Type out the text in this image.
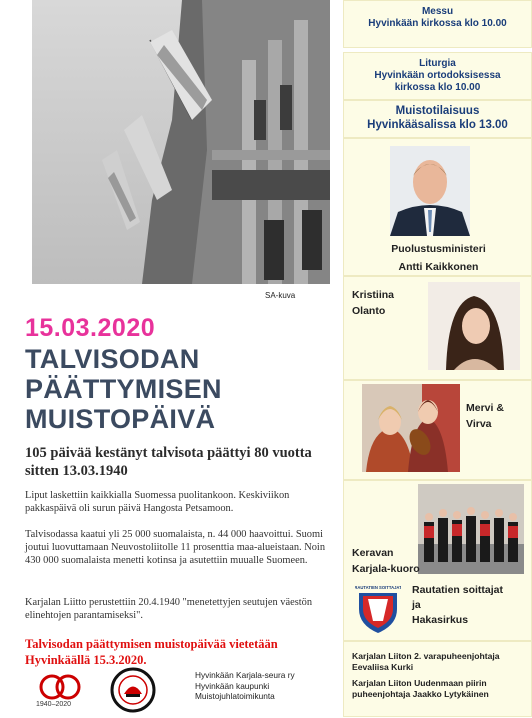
SA-kuva
15.03.2020
TALVISODAN
PÄÄTTYMISEN
MUISTOPÄIVÄ
105 päivää kestänyt talvisota päättyi 80 vuotta sitten 13.03.1940
Liput laskettiin kaikkialla Suomessa puolitankoon. Keskiviikon pakkaspäivä oli surun päivä Hangosta Petsamoon.
Talvisodassa kaatui yli 25 000 suomalaista, n. 44 000 haavoittui. Suomi joutui luovuttamaan Neuvostoliitolle 11 prosenttia maa-alueistaan. Noin 430 000 suomalaista menetti kotinsa ja asutettiin muualle Suomeen.
Karjalan Liitto perustettiin 20.4.1940 "menetettyjen seutujen väestön elinehtojen parantamiseksi".
Talvisodan päättymisen muistopäivää vietetään Hyvinkäällä 15.3.2020.
1940–2020
Hyvinkään Karjala-seura ry
Hyvinkään kaupunki
Muistojuhlatoimikunta
Messu
Hyvinkään kirkossa klo 10.00
Liturgia
Hyvinkään ortodoksisessa
kirkossa klo 10.00
Muistotilaisuus
Hyvinkääsalissa klo 13.00
Puolustusministeri
Antti Kaikkonen
Kristiina
Olanto
Mervi &
Virva
Keravan
Karjala-kuoro
RAUTATIEN SOITTAJAT Rautatien soittajat
ja
Hakasirkus
Karjalan Liiton 2. varapuheenjohtaja Eevaliisa Kurki
Karjalan Liiton Uudenmaan piirin puheenjohtaja Jaakko Lytykäinen
